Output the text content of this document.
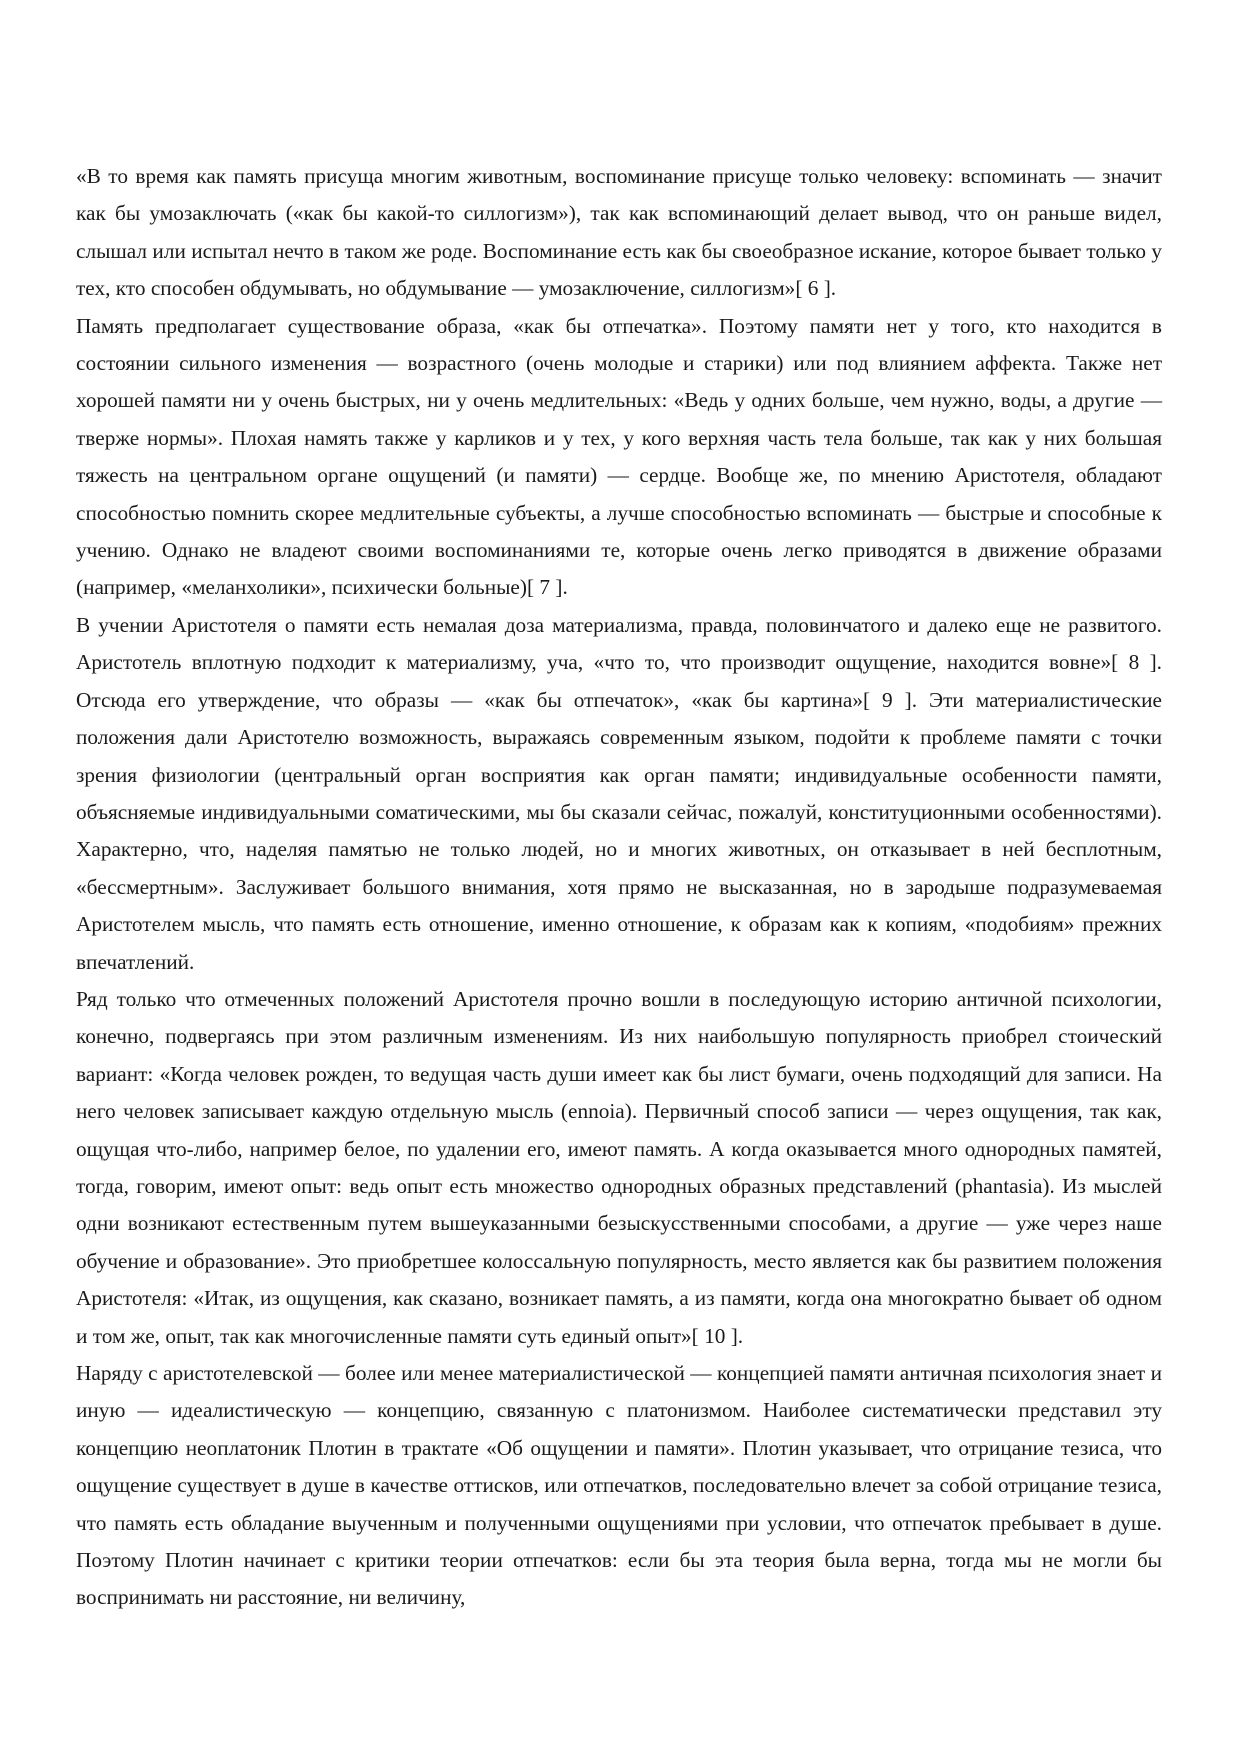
«В то время как память присуща многим животным, воспоминание присуще только человеку: вспоминать — значит как бы умозаключать («как бы какой-то силлогизм»), так как вспоминающий делает вывод, что он раньше видел, слышал или испытал нечто в таком же роде. Воспоминание есть как бы своеобразное искание, которое бывает только у тех, кто способен обдумывать, но обдумывание — умозаключение, силлогизм»[ 6 ].

Память предполагает существование образа, «как бы отпечатка». Поэтому памяти нет у того, кто находится в состоянии сильного изменения — возрастного (очень молодые и старики) или под влиянием аффекта. Также нет хорошей памяти ни у очень быстрых, ни у очень медлительных: «Ведь у одних больше, чем нужно, воды, а другие — тверже нормы». Плохая намять также у карликов и у тех, у кого верхняя часть тела больше, так как у них большая тяжесть на центральном органе ощущений (и памяти) — сердце. Вообще же, по мнению Аристотеля, обладают способностью помнить скорее медлительные субъекты, а лучше способностью вспоминать — быстрые и способные к учению. Однако не владеют своими воспоминаниями те, которые очень легко приводятся в движение образами (например, «меланхолики», психически больные)[ 7 ].

В учении Аристотеля о памяти есть немалая доза материализма, правда, половинчатого и далеко еще не развитого. Аристотель вплотную подходит к материализму, уча, «что то, что производит ощущение, находится вовне»[ 8 ]. Отсюда его утверждение, что образы — «как бы отпечаток», «как бы картина»[ 9 ]. Эти материалистические положения дали Аристотелю возможность, выражаясь современным языком, подойти к проблеме памяти с точки зрения физиологии (центральный орган восприятия как орган памяти; индивидуальные особенности памяти, объясняемые индивидуальными соматическими, мы бы сказали сейчас, пожалуй, конституционными особенностями). Характерно, что, наделяя памятью не только людей, но и многих животных, он отказывает в ней бесплотным, «бессмертным». Заслуживает большого внимания, хотя прямо не высказанная, но в зародыше подразумеваемая Аристотелем мысль, что память есть отношение, именно отношение, к образам как к копиям, «подобиям» прежних впечатлений.

Ряд только что отмеченных положений Аристотеля прочно вошли в последующую историю античной психологии, конечно, подвергаясь при этом различным изменениям. Из них наибольшую популярность приобрел стоический вариант: «Когда человек рожден, то ведущая часть души имеет как бы лист бумаги, очень подходящий для записи. На него человек записывает каждую отдельную мысль (ennoia). Первичный способ записи — через ощущения, так как, ощущая что-либо, например белое, по удалении его, имеют память. А когда оказывается много однородных памятей, тогда, говорим, имеют опыт: ведь опыт есть множество однородных образных представлений (phantasia). Из мыслей одни возникают естественным путем вышеуказанными безыскусственными способами, а другие — уже через наше обучение и образование». Это приобретшее колоссальную популярность, место является как бы развитием положения Аристотеля: «Итак, из ощущения, как сказано, возникает память, а из памяти, когда она многократно бывает об одном и том же, опыт, так как многочисленные памяти суть единый опыт»[ 10 ].

Наряду с аристотелевской — более или менее материалистической — концепцией памяти античная психология знает и иную — идеалистическую — концепцию, связанную с платонизмом. Наиболее систематически представил эту концепцию неоплатоник Плотин в трактате «Об ощущении и памяти». Плотин указывает, что отрицание тезиса, что ощущение существует в душе в качестве оттисков, или отпечатков, последовательно влечет за собой отрицание тезиса, что память есть обладание выученным и полученными ощущениями при условии, что отпечаток пребывает в душе. Поэтому Плотин начинает с критики теории отпечатков: если бы эта теория была верна, тогда мы не могли бы воспринимать ни расстояние, ни величину,
